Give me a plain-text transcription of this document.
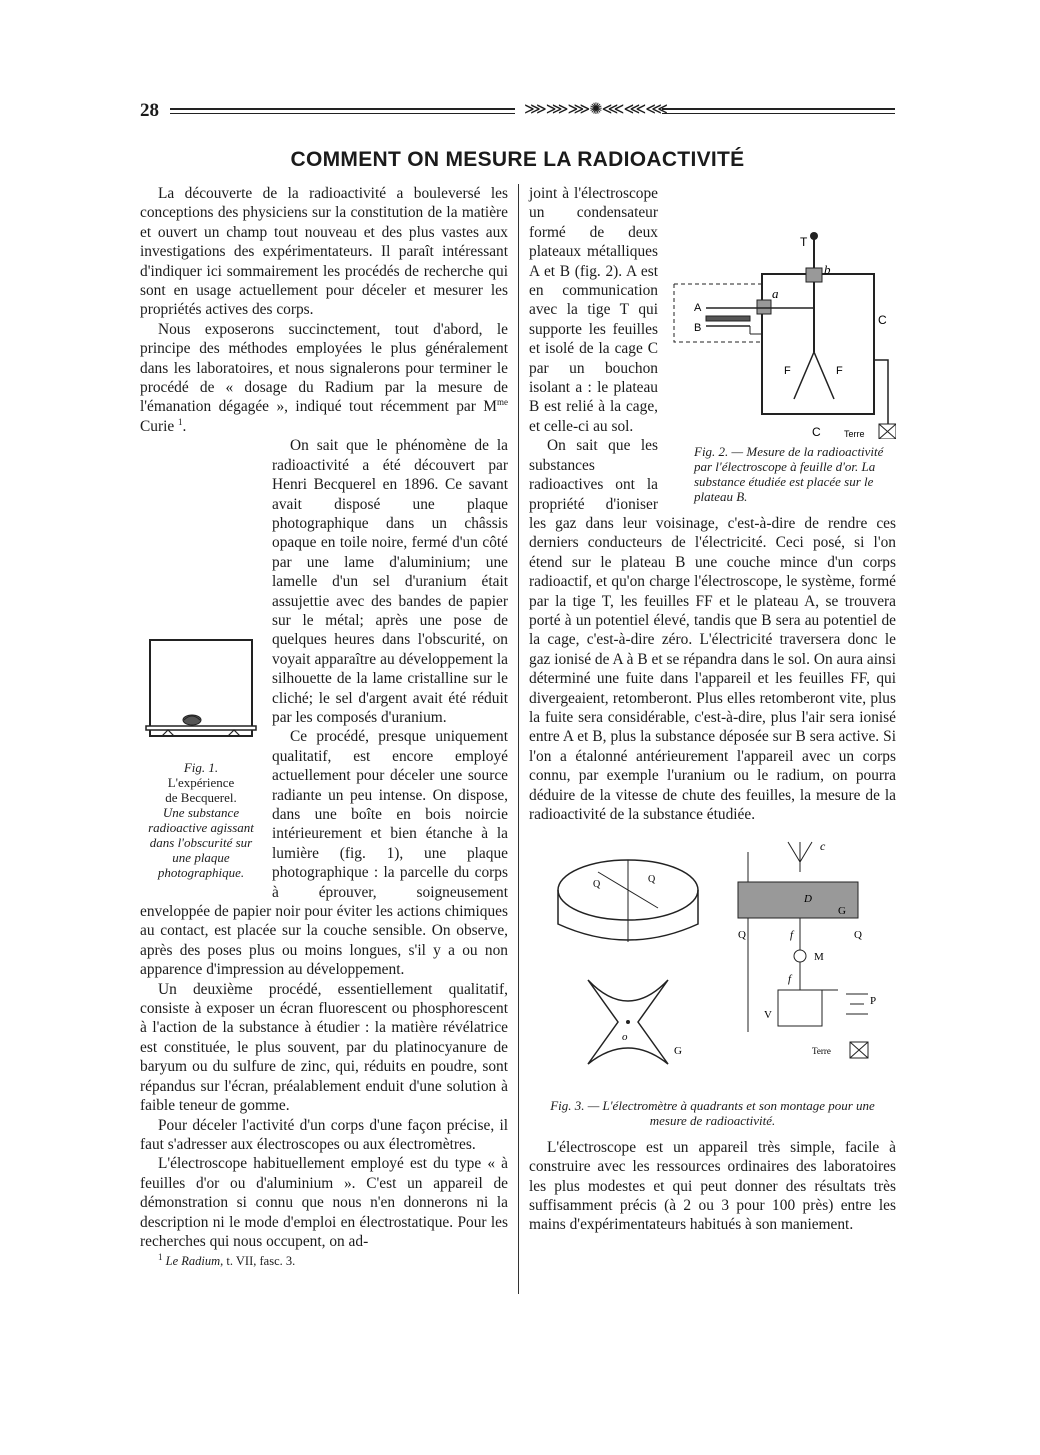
28	⋙⋙⋙✺⋘⋘⋘
COMMENT ON MESURE LA RADIOACTIVITÉ

La découverte de la radioactivité a bouleversé les conceptions des physiciens sur la constitution de la matière et ouvert un champ tout nouveau et des plus vastes aux investigations des expérimentateurs. Il paraît intéressant d'indiquer ici sommairement les procédés de recherche qui sont en usage actuellement pour déceler et mesurer les propriétés actives des corps.

Nous exposerons succinctement, tout d'abord, le principe des méthodes employées le plus généralement dans les laboratoires, et nous signalerons pour terminer le procédé de « dosage du Radium par la mesure de l'émanation dégagée », indiqué tout récemment par $M^{me}$ Curie $^1$.

Fig. 1.
L'expérience
de Becquerel.
Une substance radioactive agissant dans l'obscurité sur une plaque photographique.

On sait que le phénomène de la radioactivité a été découvert par Henri Becquerel en 1896. Ce savant avait disposé une plaque photographique dans un châssis opaque en toile noire, fermé d'un côté par une lame d'aluminium; une lamelle d'un sel d'uranium était assujettie avec des bandes de papier sur le métal; après une pose de quelques heures dans l'obscurité, on voyait apparaître au développement la silhouette de la lame cristalline sur le cliché; le sel d'argent avait été réduit par les composés d'uranium.

Ce procédé, presque uniquement qualitatif, est encore employé actuellement pour déceler une source radiante un peu intense. On dispose, dans une boîte en bois noircie intérieurement et bien étanche à la lumière (fig. 1), une plaque photographique : la parcelle du corps à éprouver, soigneusement enveloppée de papier noir pour éviter les actions chimiques au contact, est placée sur la couche sensible. On observe, après des poses plus ou moins longues, s'il y a ou non apparence d'impression au développement.

Un deuxième procédé, essentiellement qualitatif, consiste à exposer un écran fluorescent ou phosphorescent à l'action de la substance à étudier : la matière révélatrice est constituée, le plus souvent, par du platinocyanure de baryum ou du sulfure de zinc, qui, réduits en poudre, sont répandus sur l'écran, préalablement enduit d'une solution à faible teneur de gomme.

Pour déceler l'activité d'un corps d'une façon précise, il faut s'adresser aux électroscopes ou aux électromètres.

L'électroscope habituellement employé est du type « à feuilles d'or ou d'aluminium ». C'est un appareil de démonstration si connu que nous n'en donnerons ni la description ni le mode d'emploi en électrostatique. Pour les recherches qui nous occupent, on ad-

$^1$ Le Radium, t. VII, fasc. 3.
T
a
b
A
B
C
C
F	F
Terre
Fig. 2. — Mesure de la radioactivité par l'électroscope à feuille d'or. La substance étudiée est placée sur le plateau B.

joint à l'électroscope un condensateur formé de deux plateaux métalliques A et B (fig. 2). A est en communication avec la tige T qui supporte les feuilles et isolé de la cage C par un bouchon isolant a : le plateau B est relié à la cage, et celle-ci au sol.

On sait que les substances radioactives ont la propriété d'ioniser les gaz dans leur voisinage, c'est-à-dire de rendre ces derniers conducteurs de l'électricité. Ceci posé, si l'on étend sur le plateau B une couche mince d'un corps radioactif, et qu'on charge l'électroscope, le système, formé par la tige T, les feuilles FF et le plateau A, se trouvera porté à un potentiel élevé, tandis que B sera au potentiel de la cage, c'est-à-dire zéro. L'électricité traversera donc le gaz ionisé de A à B et se répandra dans le sol. On aura ainsi déterminé une fuite dans l'appareil et les feuilles FF, qui divergeaient, retomberont. Plus elles retomberont vite, plus la fuite sera considérable, c'est-à-dire, plus l'air sera ionisé entre A et B, plus la substance déposée sur B sera active. Si l'on a étalonné antérieurement l'appareil avec un corps connu, par exemple l'uranium ou le radium, on pourra déduire de la vitesse de chute des feuilles, la mesure de la radioactivité de la substance étudiée.

Q	Q
D
c
G
Q	Q
f
M
f
V
P
Terre
o
G
Fig. 3. — L'électromètre à quadrants et son montage pour une mesure de radioactivité.

L'électroscope est un appareil très simple, facile à construire avec les ressources ordinaires des laboratoires les plus modestes et qui peut donner des résultats très suffisamment précis (à 2 ou 3 pour 100 près) entre les mains d'expérimentateurs habitués à son maniement.
